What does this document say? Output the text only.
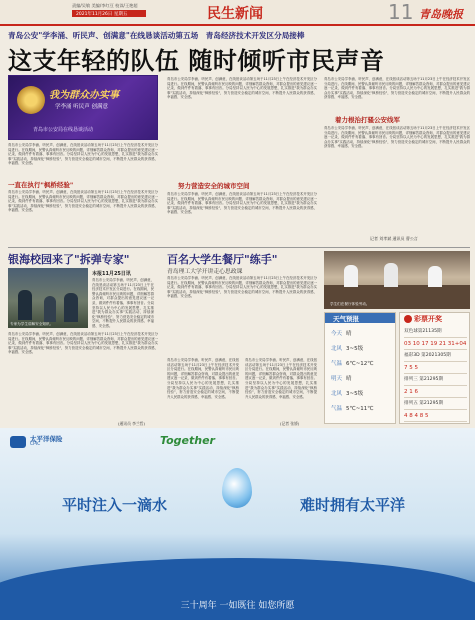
责编/吴敏 美编/李红豆 校读/王艳超
2021年11月26日 星期五	民生新闻	11 青岛晚报
青岛公安"学李涌、听民声、创满意"在线恳谈活动第五场　青岛经济技术开发区分局接棒
这支年轻的队伍 随时倾听市民声音
我为群众办实事
学李涌 听民声 创满意
青岛市公安局在线恳谈活动
青岛市公安局学李涌、听民声、创满意，在线恳谈活动第五场于11月23日上午在经济技术开发区分局进行。在线期间，民警认真倾听市民反映的问题，详细解答群众咨询，对群众提出的意见建议逐一记录，做到件件有着落、事事有回音。分局坚持以人民为中心的发展思想，扎实推进"我为群众办实事"实践活动，持续深化"枫桥经验"，努力营造安全稳定的城市空间，不断提升人民群众的获得感、幸福感、安全感。
一直在执行"枫桥经验"
青岛市公安局学李涌、听民声、创满意，在线恳谈活动第五场于11月23日上午在经济技术开发区分局进行。在线期间，民警认真倾听市民反映的问题，详细解答群众咨询，对群众提出的意见建议逐一记录，做到件件有着落、事事有回音。分局坚持以人民为中心的发展思想，扎实推进"我为群众办实事"实践活动，持续深化"枫桥经验"，努力营造安全稳定的城市空间，不断提升人民群众的获得感、幸福感、安全感。
青岛市公安局学李涌、听民声、创满意，在线恳谈活动第五场于11月23日上午在经济技术开发区分局进行。在线期间，民警认真倾听市民反映的问题，详细解答群众咨询，对群众提出的意见建议逐一记录，做到件件有着落、事事有回音。分局坚持以人民为中心的发展思想，扎实推进"我为群众办实事"实践活动，持续深化"枫桥经验"，努力营造安全稳定的城市空间，不断提升人民群众的获得感、幸福感、安全感。
努力营造安全的城市空间
青岛市公安局学李涌、听民声、创满意，在线恳谈活动第五场于11月23日上午在经济技术开发区分局进行。在线期间，民警认真倾听市民反映的问题，详细解答群众咨询，对群众提出的意见建议逐一记录，做到件件有着落、事事有回音。分局坚持以人民为中心的发展思想，扎实推进"我为群众办实事"实践活动，持续深化"枫桥经验"，努力营造安全稳定的城市空间，不断提升人民群众的获得感、幸福感、安全感。
青岛市公安局学李涌、听民声、创满意，在线恳谈活动第五场于11月23日上午在经济技术开发区分局进行。在线期间，民警认真倾听市民反映的问题，详细解答群众咨询，对群众提出的意见建议逐一记录，做到件件有着落、事事有回音。分局坚持以人民为中心的发展思想，扎实推进"我为群众办实事"实践活动，持续深化"枫桥经验"，努力营造安全稳定的城市空间，不断提升人民群众的获得感、幸福感、安全感。
着力根治打骚公安线军
青岛市公安局学李涌、听民声、创满意，在线恳谈活动第五场于11月23日上午在经济技术开发区分局进行。在线期间，民警认真倾听市民反映的问题，详细解答群众咨询，对群众提出的意见建议逐一记录，做到件件有着落、事事有回音。分局坚持以人民为中心的发展思想，扎实推进"我为群众办实事"实践活动，持续深化"枫桥经验"，努力营造安全稳定的城市空间，不断提升人民群众的获得感、幸福感、安全感。
记者 刘孝斌 通讯员 曹公言
银海校园来了"拆弹专家"
专家为学生讲解安全知识。
本报11月25日讯
青岛市公安局学李涌、听民声、创满意，在线恳谈活动第五场于11月23日上午在经济技术开发区分局进行。在线期间，民警认真倾听市民反映的问题，详细解答群众咨询，对群众提出的意见建议逐一记录，做到件件有着落、事事有回音。分局坚持以人民为中心的发展思想，扎实推进"我为群众办实事"实践活动，持续深化"枫桥经验"，努力营造安全稳定的城市空间，不断提升人民群众的获得感、幸福感、安全感。
青岛市公安局学李涌、听民声、创满意，在线恳谈活动第五场于11月23日上午在经济技术开发区分局进行。在线期间，民警认真倾听市民反映的问题，详细解答群众咨询，对群众提出的意见建议逐一记录，做到件件有着落、事事有回音。分局坚持以人民为中心的发展思想，扎实推进"我为群众办实事"实践活动，持续深化"枫桥经验"，努力营造安全稳定的城市空间，不断提升人民群众的获得感、幸福感、安全感。
(通讯员 李兰哲)
百名大学生餐厅"练手"
青岛理工大学开讲走心思政课
青岛市公安局学李涌、听民声、创满意，在线恳谈活动第五场于11月23日上午在经济技术开发区分局进行。在线期间，民警认真倾听市民反映的问题，详细解答群众咨询，对群众提出的意见建议逐一记录，做到件件有着落、事事有回音。分局坚持以人民为中心的发展思想，扎实推进"我为群众办实事"实践活动，持续深化"枫桥经验"，努力营造安全稳定的城市空间，不断提升人民群众的获得感、幸福感、安全感。
青岛市公安局学李涌、听民声、创满意，在线恳谈活动第五场于11月23日上午在经济技术开发区分局进行。在线期间，民警认真倾听市民反映的问题，详细解答群众咨询，对群众提出的意见建议逐一记录，做到件件有着落、事事有回音。分局坚持以人民为中心的发展思想，扎实推进"我为群众办实事"实践活动，持续深化"枫桥经验"，努力营造安全稳定的城市空间，不断提升人民群众的获得感、幸福感、安全感。
青岛市公安局学李涌、听民声、创满意，在线恳谈活动第五场于11月23日上午在经济技术开发区分局进行。在线期间，民警认真倾听市民反映的问题，详细解答群众咨询，对群众提出的意见建议逐一记录，做到件件有着落、事事有回音。分局坚持以人民为中心的发展思想，扎实推进"我为群众办实事"实践活动，持续深化"枫桥经验"，努力营造安全稳定的城市空间，不断提升人民群众的获得感、幸福感、安全感。
(记者 张娇)
学生们在餐厅体验劳动。
天气预报
今天 晴
北风 3~5级
气温 6℃~12℃
明天 晴
北风 3~5级
气温 5℃~11℃
彩票开奖
双色球第21135期
03 10 17 19 21 31+04
福彩3D 第2021305期
7 5 5
排列三 第21295期
2 1 6
排列五 第21295期
4 8 4 8 5
太平洋保险
CPIC	Together
平时注入一滴水	难时拥有太平洋
三十周年 一如既往 如您所愿
